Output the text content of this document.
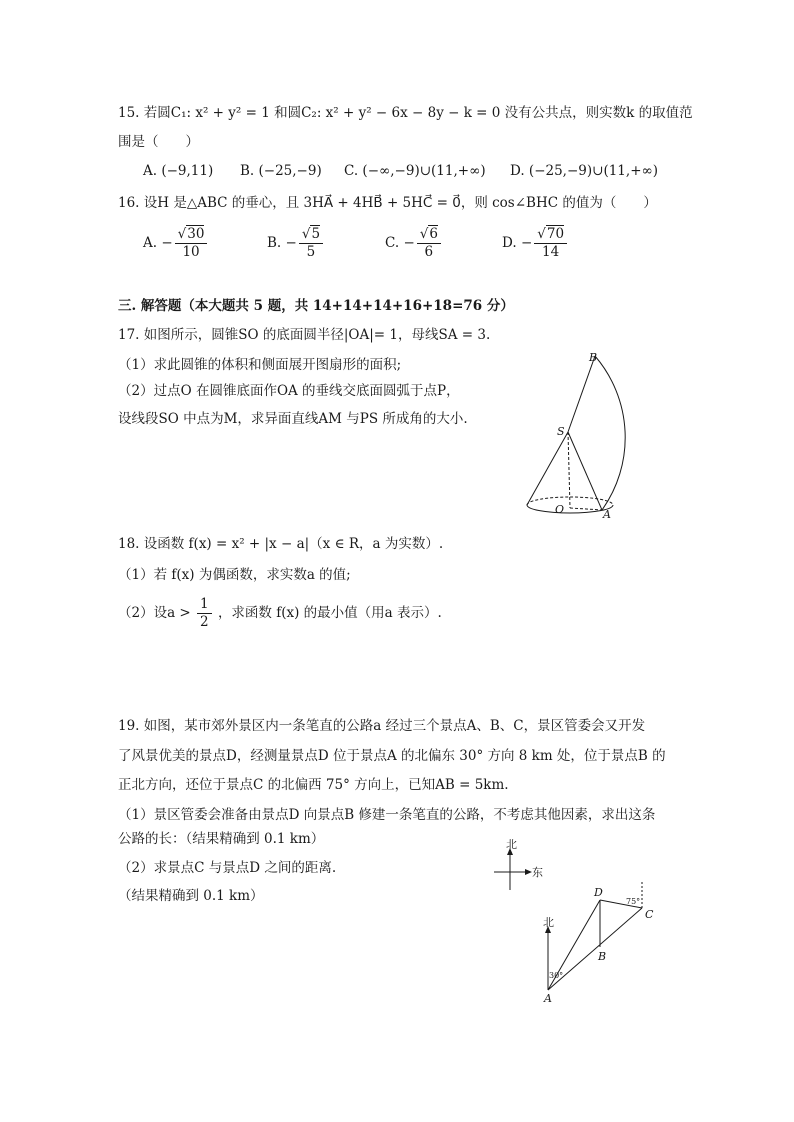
15. 若圆C₁: x² + y² = 1 和圆C₂: x² + y² − 6x − 8y − k = 0 没有公共点，则实数k 的取值范
围是（　　）
A. (−9,11) B. (−25,−9) C. (−∞,−9)∪(11,+∞) D. (−25,−9)∪(11,+∞)
16. 设H 是△ABC 的垂心，且 3HA⃗ + 4HB⃗ + 5HC⃗ = 0⃗，则 cos∠BHC 的值为（　　）
A. − $\frac{√30}{10}$	B. − $\frac{√5}{5}$	C. − $\frac{√6}{6}$	D. − $\frac{√70}{14}$
三. 解答题（本大题共 5 题，共 14+14+14+16+18=76 分）
17. 如图所示，圆锥SO 的底面圆半径|OA|= 1，母线SA = 3.
（1）求此圆锥的体积和侧面展开图扇形的面积;
（2）过点O 在圆锥底面作OA 的垂线交底面圆弧于点P，
设线段SO 中点为M，求异面直线AM 与PS 所成角的大小.
B
S
O	A
18. 设函数 f(x) = x² + |x − a|（x ∈ R，a 为实数）.
（1）若 f(x) 为偶函数，求实数a 的值;
（2）设$a > \frac{1}{2}$ ，求函数 f(x) 的最小值（用a 表示）.
19. 如图，某市郊外景区内一条笔直的公路a 经过三个景点A、B、C，景区管委会又开发
了风景优美的景点D，经测量景点D 位于景点A 的北偏东 30° 方向 8 km 处，位于景点B 的
正北方向，还位于景点C 的北偏西 75° 方向上，已知AB = 5km.
（1）景区管委会准备由景点D 向景点B 修建一条笔直的公路，不考虑其他因素，求出这条
公路的长：（结果精确到 0.1 km）
（2）求景点C 与景点D 之间的距离.
（结果精确到 0.1 km）
北
东
北
D
C
B
A
30°
75°
